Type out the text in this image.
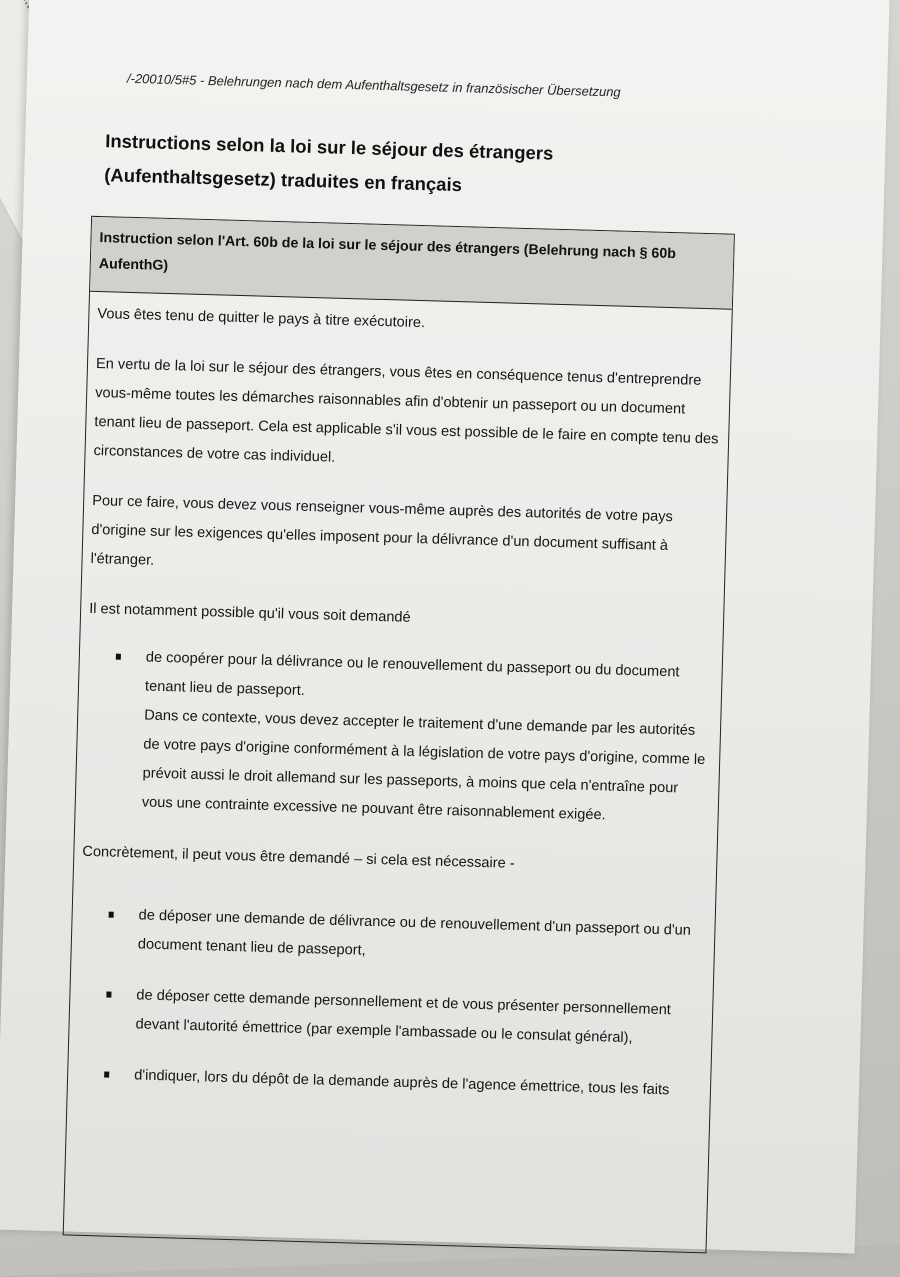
/-20010/5#5 - Belehrungen nach dem Aufenthaltsgesetz in französischer Übersetzung
Instructions selon la loi sur le séjour des étrangers
(Aufenthaltsgesetz) traduites en français
Instruction selon l'Art. 60b de la loi sur le séjour des étrangers (Belehrung nach § 60b AufenthG)

Vous êtes tenu de quitter le pays à titre exécutoire.

En vertu de la loi sur le séjour des étrangers, vous êtes en conséquence tenus d'entreprendre vous-même toutes les démarches raisonnables afin d'obtenir un passeport ou un document tenant lieu de passeport. Cela est applicable s'il vous est possible de le faire en compte tenu des circonstances de votre cas individuel.

Pour ce faire, vous devez vous renseigner vous-même auprès des autorités de votre pays d'origine sur les exigences qu'elles imposent pour la délivrance d'un document suffisant à l'étranger.

Il est notamment possible qu'il vous soit demandé

de coopérer pour la délivrance ou le renouvellement du passeport ou du document tenant lieu de passeport.
Dans ce contexte, vous devez accepter le traitement d'une demande par les autorités de votre pays d'origine conformément à la législation de votre pays d'origine, comme le prévoit aussi le droit allemand sur les passeports, à moins que cela n'entraîne pour vous une contrainte excessive ne pouvant être raisonnablement exigée.

Concrètement, il peut vous être demandé – si cela est nécessaire -

de déposer une demande de délivrance ou de renouvellement d'un passeport ou d'un document tenant lieu de passeport,
de déposer cette demande personnellement et de vous présenter personnellement devant l'autorité émettrice (par exemple l'ambassade ou le consulat général),
d'indiquer, lors du dépôt de la demande auprès de l'agence émettrice, tous les faits
